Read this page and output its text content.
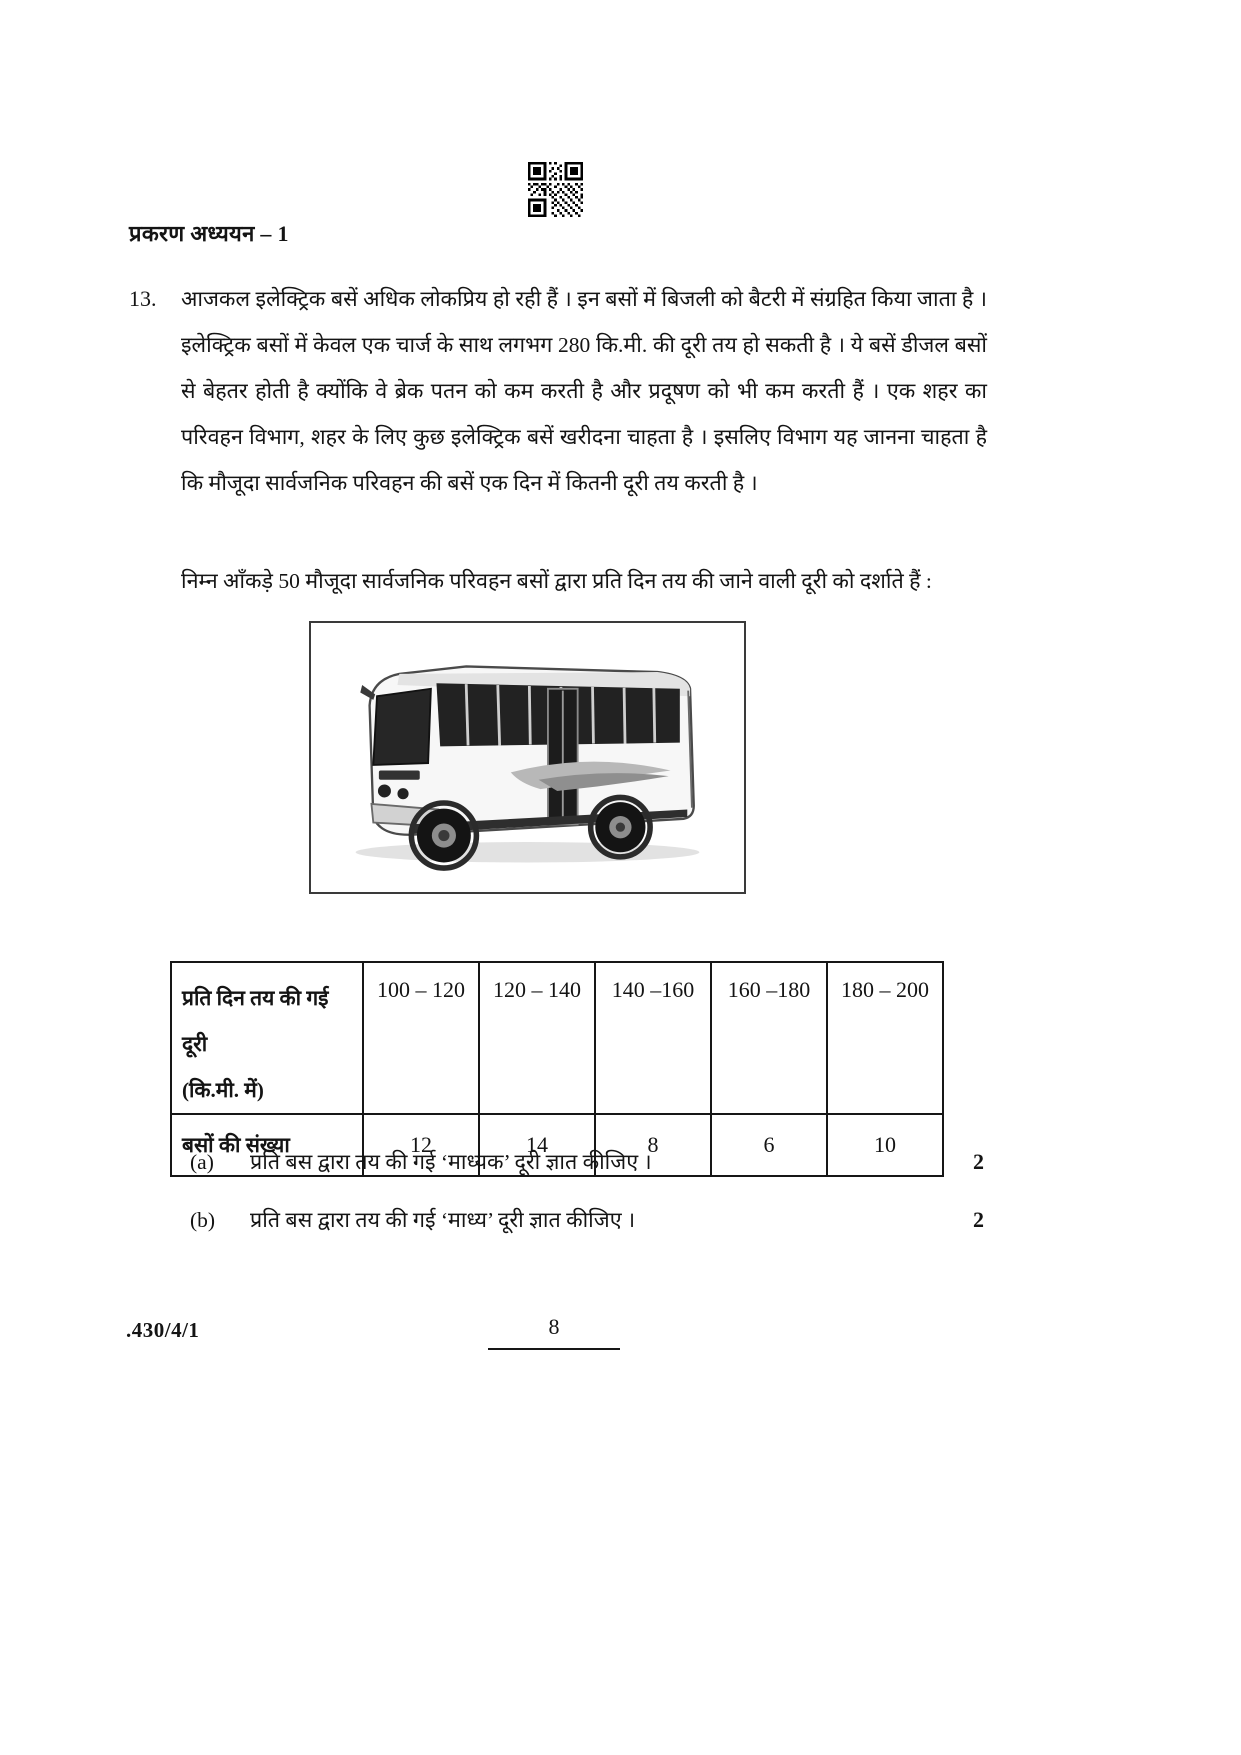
प्रकरण अध्ययन – 1
13.	आजकल इलेक्ट्रिक बसें अधिक लोकप्रिय हो रही हैं । इन बसों में बिजली को बैटरी में संग्रहित किया जाता है । इलेक्ट्रिक बसों में केवल एक चार्ज के साथ लगभग 280 कि.मी. की दूरी तय हो सकती है । ये बसें डीजल बसों से बेहतर होती है क्योंकि वे ब्रेक पतन को कम करती है और प्रदूषण को भी कम करती हैं । एक शहर का परिवहन विभाग, शहर के लिए कुछ इलेक्ट्रिक बसें खरीदना चाहता है । इसलिए विभाग यह जानना चाहता है कि मौजूदा सार्वजनिक परिवहन की बसें एक दिन में कितनी दूरी तय करती है ।
निम्न आँकड़े 50 मौजूदा सार्वजनिक परिवहन बसों द्वारा प्रति दिन तय की जाने वाली दूरी को दर्शाते हैं :
प्रति दिन तय की गई दूरी
(कि.मी. में)	100 – 120	120 – 140	140 –160	160 –180	180 – 200
बसों की संख्या	12	14	8	6	10
(a)	प्रति बस द्वारा तय की गई ‘माध्यक’ दूरी ज्ञात कीजिए ।	2
(b)	प्रति बस द्वारा तय की गई ‘माध्य’ दूरी ज्ञात कीजिए ।	2
.430/4/1	8
